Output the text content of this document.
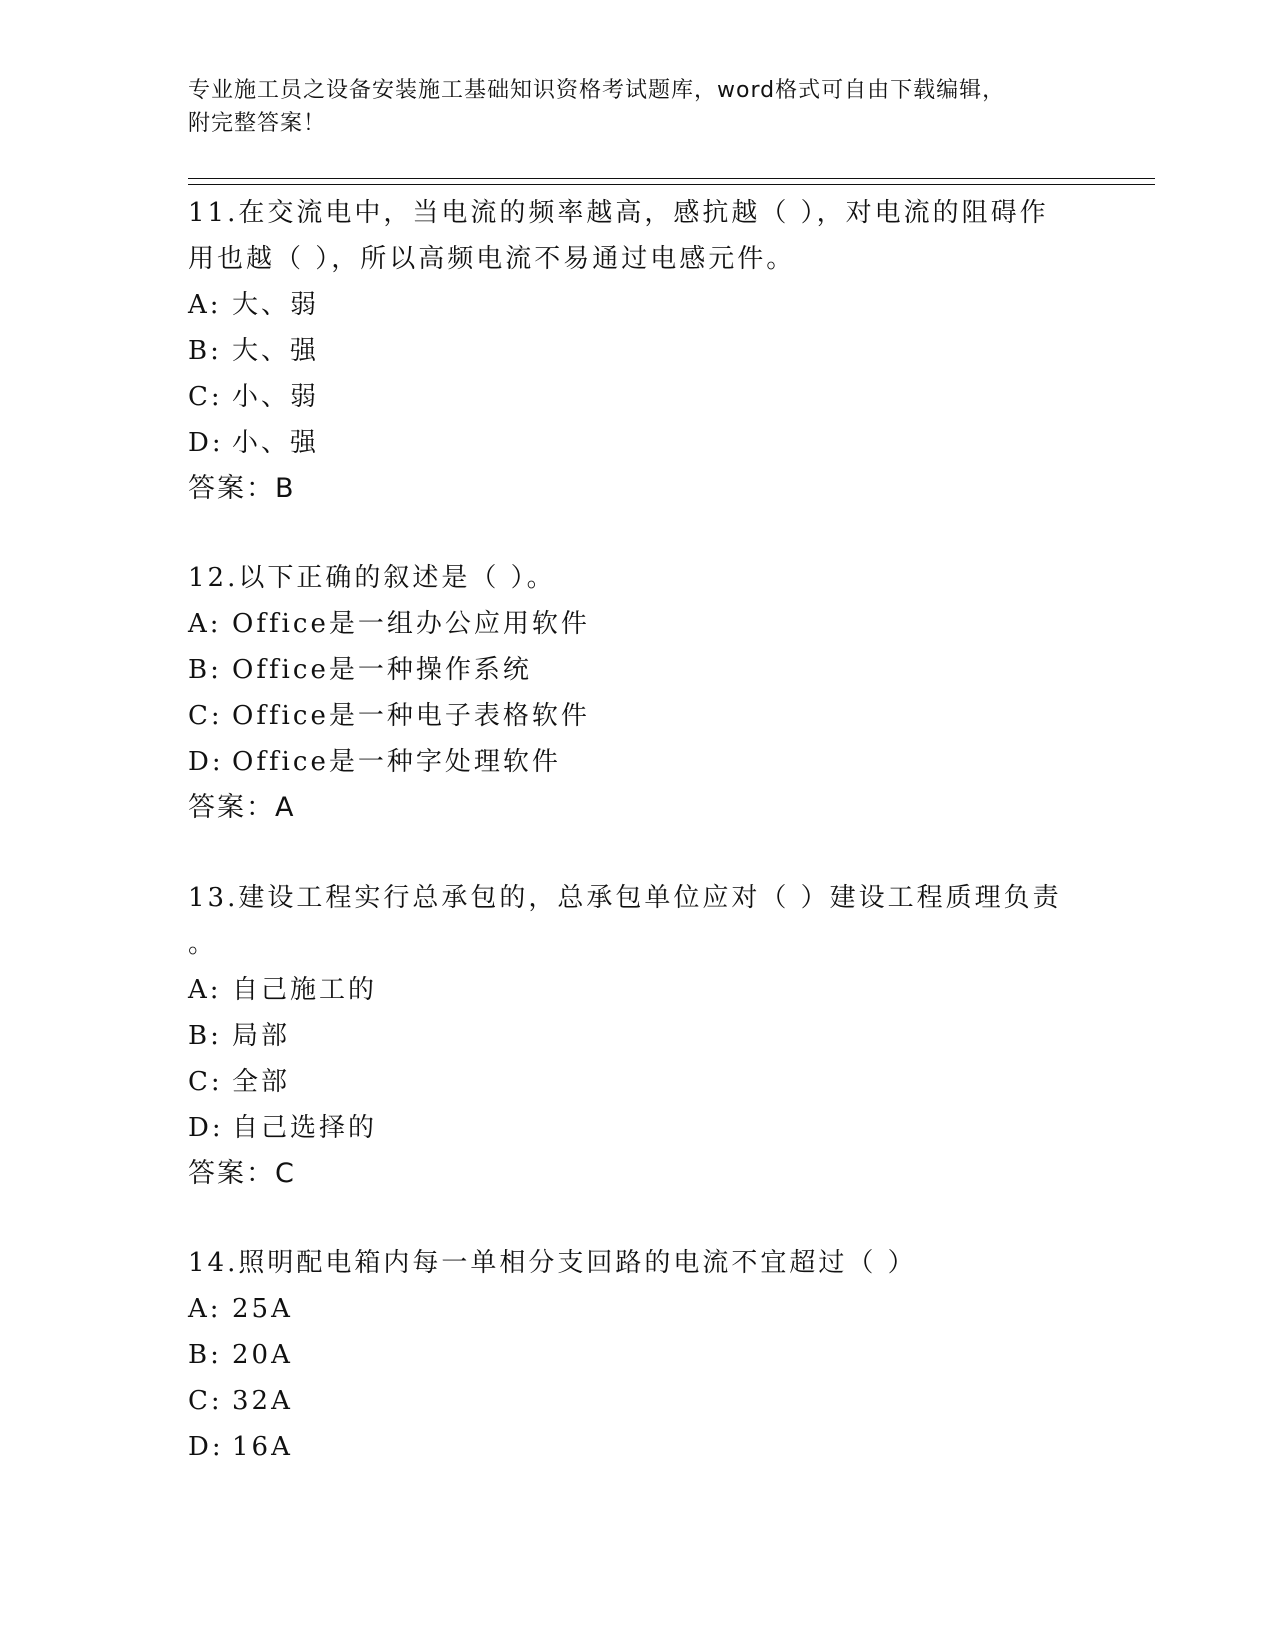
专业施工员之设备安装施工基础知识资格考试题库，word格式可自由下载编辑，
附完整答案！
11.在交流电中，当电流的频率越高，感抗越（ ），对电流的阻碍作
用也越（ ），所以高频电流不易通过电感元件。
A: 大、弱
B: 大、强
C: 小、弱
D: 小、强
答案：B
12.以下正确的叙述是（ ）。
A: Office是一组办公应用软件
B: Office是一种操作系统
C: Office是一种电子表格软件
D: Office是一种字处理软件
答案：A
13.建设工程实行总承包的，总承包单位应对（ ）建设工程质理负责
。
A: 自己施工的
B: 局部
C: 全部
D: 自己选择的
答案：C
14.照明配电箱内每一单相分支回路的电流不宜超过（ ）
A: 25A
B: 20A
C: 32A
D: 16A
